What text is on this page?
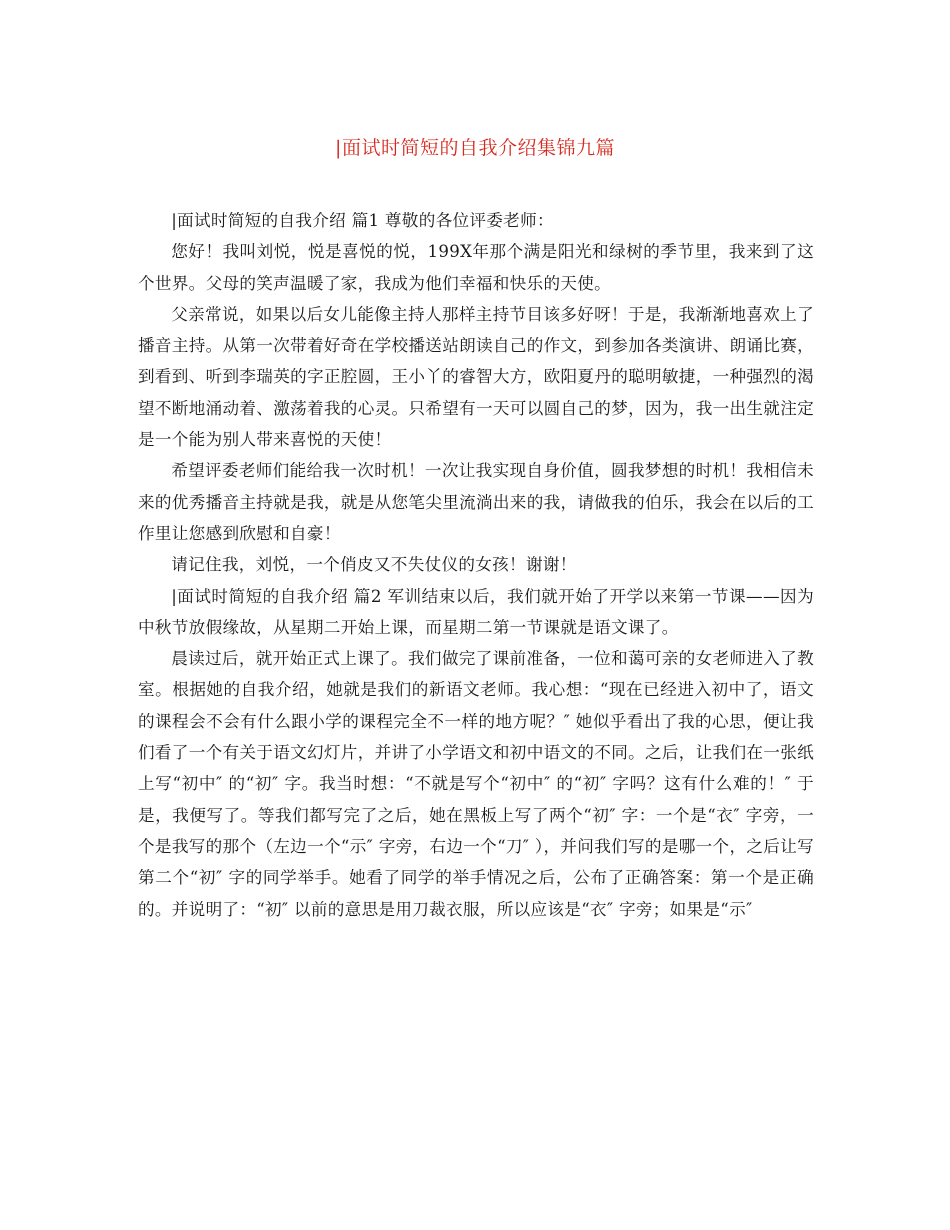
|面试时简短的自我介绍集锦九篇

|面试时简短的自我介绍 篇1 尊敬的各位评委老师：

您好！我叫刘悦，悦是喜悦的悦，199X年那个满是阳光和绿树的季节里，我来到了这个世界。父母的笑声温暖了家，我成为他们幸福和快乐的天使。

父亲常说，如果以后女儿能像主持人那样主持节目该多好呀！于是，我渐渐地喜欢上了播音主持。从第一次带着好奇在学校播送站朗读自己的作文，到参加各类演讲、朗诵比赛，到看到、听到李瑞英的字正腔圆，王小丫的睿智大方，欧阳夏丹的聪明敏捷，一种强烈的渴望不断地涌动着、激荡着我的心灵。只希望有一天可以圆自己的梦，因为，我一出生就注定是一个能为别人带来喜悦的天使！

希望评委老师们能给我一次时机！一次让我实现自身价值，圆我梦想的时机！我相信未来的优秀播音主持就是我，就是从您笔尖里流淌出来的我，请做我的伯乐，我会在以后的工作里让您感到欣慰和自豪！

请记住我，刘悦，一个俏皮又不失仗仪的女孩！谢谢！

|面试时简短的自我介绍 篇2 军训结束以后，我们就开始了开学以来第一节课——因为中秋节放假缘故，从星期二开始上课，而星期二第一节课就是语文课了。

晨读过后，就开始正式上课了。我们做完了课前准备，一位和蔼可亲的女老师进入了教室。根据她的自我介绍，她就是我们的新语文老师。我心想：“现在已经进入初中了，语文的课程会不会有什么跟小学的课程完全不一样的地方呢？″ 她似乎看出了我的心思，便让我们看了一个有关于语文幻灯片，并讲了小学语文和初中语文的不同。之后，让我们在一张纸上写“初中″ 的“初″ 字。我当时想：“不就是写个“初中″ 的“初″ 字吗？这有什么难的！″ 于是，我便写了。等我们都写完了之后，她在黑板上写了两个“初″ 字：一个是“衣″ 字旁，一个是我写的那个（左边一个“示″ 字旁，右边一个“刀″ ），并问我们写的是哪一个，之后让写第二个“初″ 字的同学举手。她看了同学的举手情况之后，公布了正确答案：第一个是正确的。并说明了：“初″ 以前的意思是用刀裁衣服，所以应该是“衣″ 字旁；如果是“示″
